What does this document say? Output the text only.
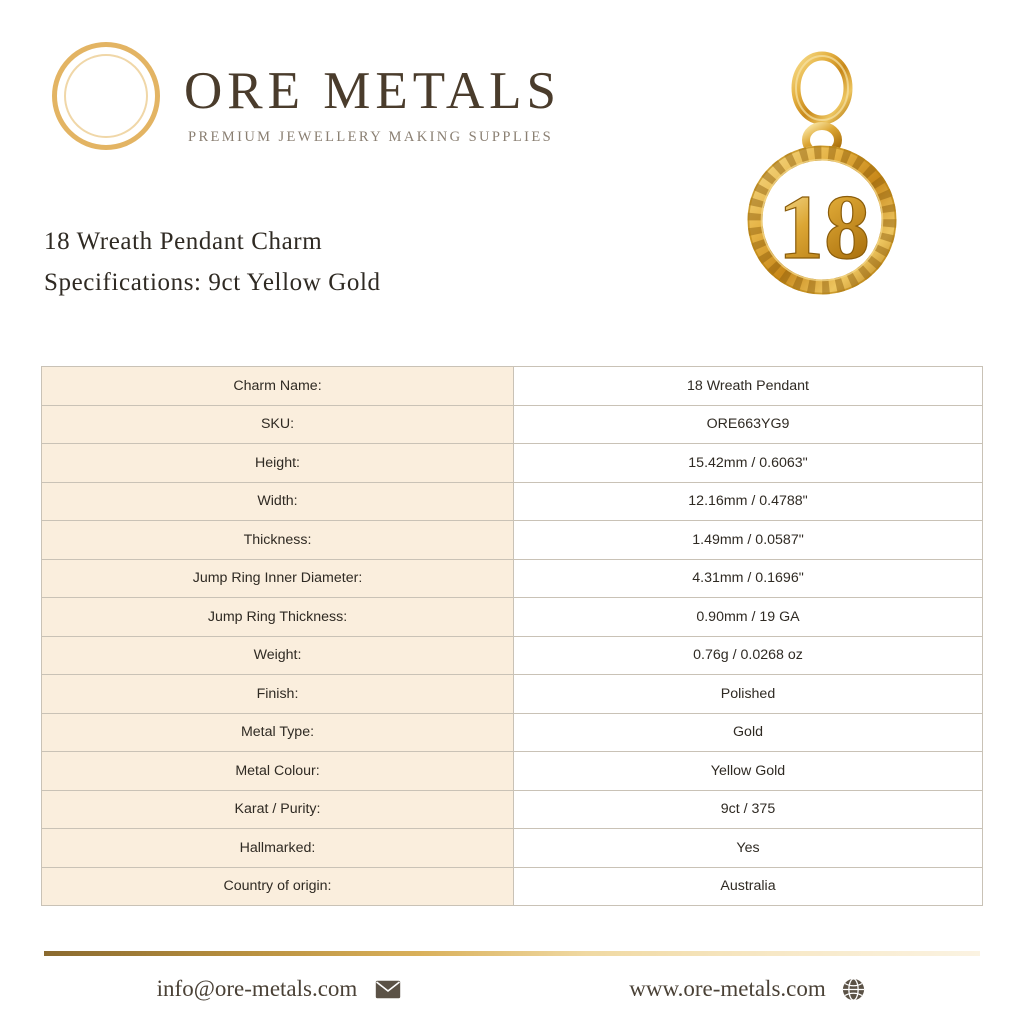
ORE METALS
PREMIUM JEWELLERY MAKING SUPPLIES
18 Wreath Pendant Charm
Specifications: 9ct Yellow Gold
18
Charm Name:	18 Wreath Pendant
SKU:	ORE663YG9
Height:	15.42mm / 0.6063"
Width:	12.16mm / 0.4788"
Thickness:	1.49mm / 0.0587"
Jump Ring Inner Diameter:	4.31mm / 0.1696"
Jump Ring Thickness:	0.90mm / 19 GA
Weight:	0.76g / 0.0268 oz
Finish:	Polished
Metal Type:	Gold
Metal Colour:	Yellow Gold
Karat / Purity:	9ct / 375
Hallmarked:	Yes
Country of origin:	Australia
info@ore-metals.com	www.ore-metals.com
